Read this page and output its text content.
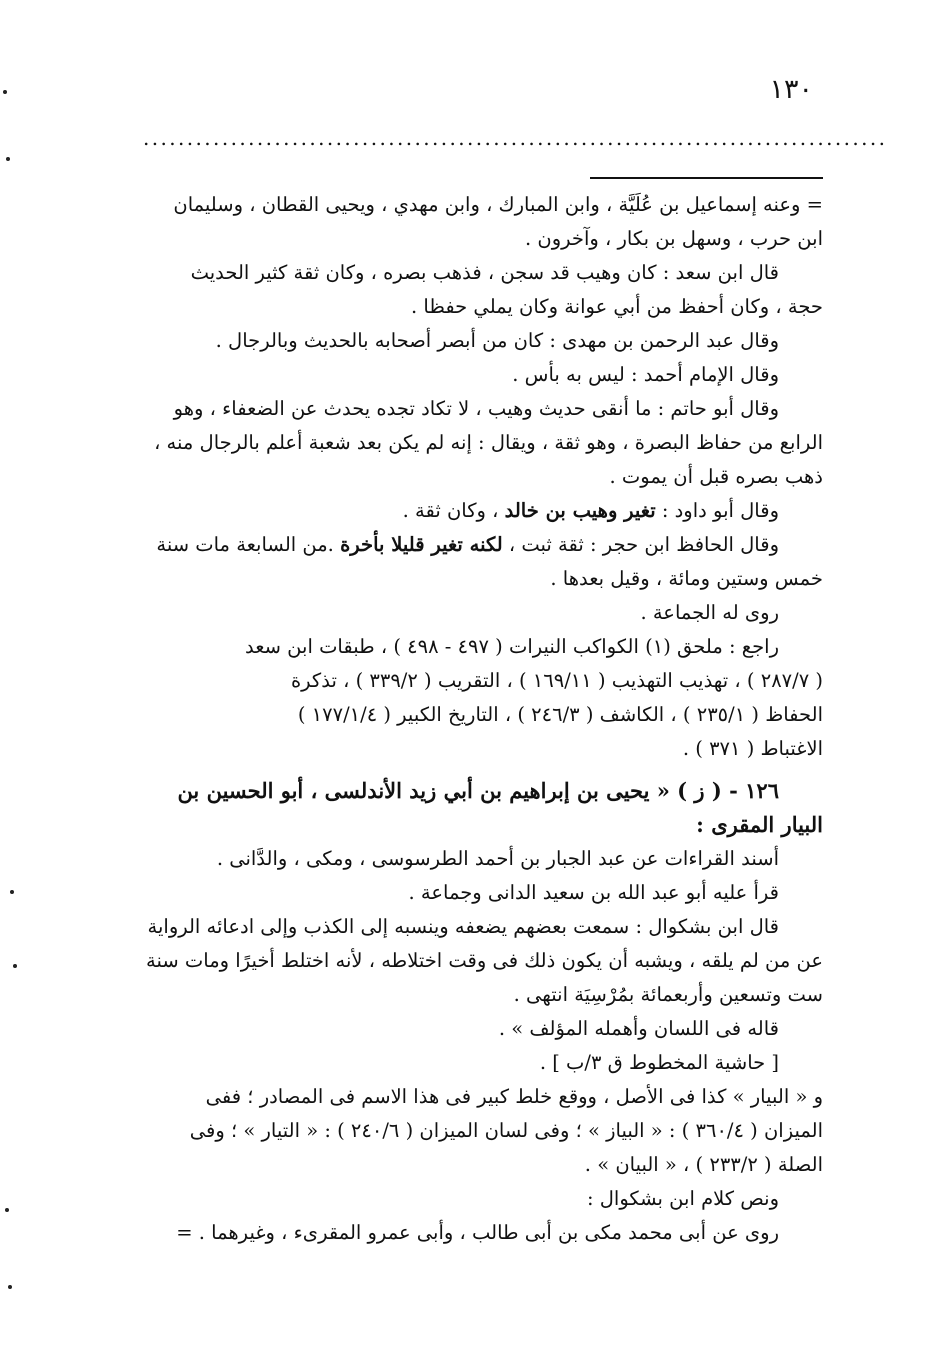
١٣٠
.....................................................................................
= وعنه إسماعيل بن عُلَيَّة ، وابن المبارك ، وابن مهدي ، ويحيى القطان ، وسليمان
ابن حرب ، وسهل بن بكار ، وآخرون .
قال ابن سعد : كان وهيب قد سجن ، فذهب بصره ، وكان ثقة كثير الحديث
حجة ، وكان أحفظ من أبي عوانة وكان يملي حفظا .
وقال عبد الرحمن بن مهدى : كان من أبصر أصحابه بالحديث وبالرجال .
وقال الإمام أحمد : ليس به بأس .
وقال أبو حاتم : ما أنقى حديث وهيب ، لا تكاد تجده يحدث عن الضعفاء ، وهو
الرابع من حفاظ البصرة ، وهو ثقة ، ويقال : إنه لم يكن بعد شعبة أعلم بالرجال منه ،
ذهب بصره قبل أن يموت .
وقال أبو داود : تغير وهيب بن خالد ، وكان ثقة .
وقال الحافظ ابن حجر : ثقة ثبت ، لكنه تغير قليلا بأخرة .من السابعة مات سنة
خمس وستين ومائة ، وقيل بعدها .
روى له الجماعة .
راجع : ملحق (١) الكواكب النيرات ( ٤٩٧ - ٤٩٨ ) ، طبقات ابن سعد
( ٢٨٧/٧ ) ، تهذيب التهذيب ( ١٦٩/١١ ) ، التقريب ( ٣٣٩/٢ ) ، تذكرة
الحفاظ ( ٢٣٥/١ ) ، الكاشف ( ٢٤٦/٣ ) ، التاريخ الكبير ( ١٧٧/١/٤ )
الاغتباط ( ٣٧١ ) .
١٢٦ - ( ز ) « يحيى بن إبراهيم بن أبي زيد الأندلسى ، أبو الحسين بن
البيار المقرى :
أسند القراءات عن عبد الجبار بن أحمد الطرسوسى ، ومكى ، والدَّانى .
قرأ عليه أبو عبد الله بن سعيد الدانى وجماعة .
قال ابن بشكوال : سمعت بعضهم يضعفه وينسبه إلى الكذب وإلى ادعائه الرواية
عن من لم يلقه ، ويشبه أن يكون ذلك فى وقت اختلاطه ، لأنه اختلط أخيرًا ومات سنة
ست وتسعين وأربعمائة بمُرْسِيَة انتهى .
قاله فى اللسان وأهمله المؤلف » .
[ حاشية المخطوط ق ٣/ب ] .
و « البيار » كذا فى الأصل ، ووقع خلط كبير فى هذا الاسم فى المصادر ؛ ففى
الميزان ( ٣٦٠/٤ ) : « البياز » ؛ وفى لسان الميزان ( ٢٤٠/٦ ) : « التيار » ؛ وفى
الصلة ( ٢٣٣/٢ ) ، « البيان » .
ونص كلام ابن بشكوال :
روى عن أبى محمد مكى بن أبى طالب ، وأبى عمرو المقرىء ، وغيرهما . =
